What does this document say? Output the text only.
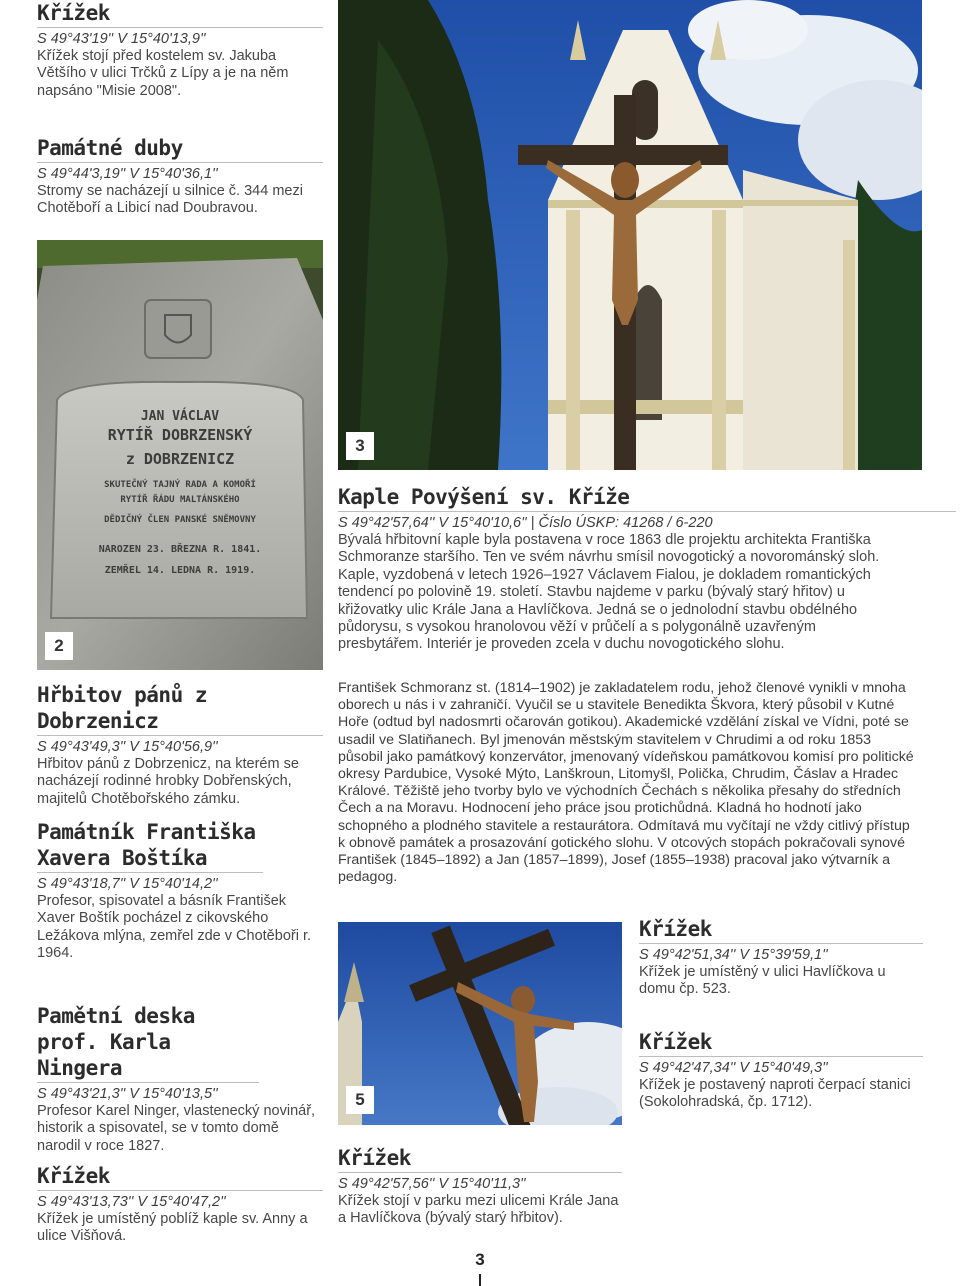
Křížek
S 49°43'19'' V 15°40'13,9''

Křížek stojí před kostelem sv. Jakuba Většího v ulici Trčků z Lípy a je na něm napsáno "Misie 2008".

Památné duby
S 49°44'3,19'' V 15°40'36,1''

Stromy se nacházejí u silnice č. 344 mezi Chotěboří a Libicí nad Doubravou.

JAN VÁCLAV
RYTÍŘ DOBRZENSKÝ
z DOBRZENICZ
SKUTEČNÝ TAJNÝ RADA A KOMOŘÍ
RYTÍŘ ŘÁDU MALTÁNSKÉHO
DĚDIČNÝ ČLEN PANSKÉ SNĚMOVNY
NAROZEN 23. BŘEZNA R. 1841.
ZEMŘEL 14. LEDNA R. 1919.
2
Hřbitov pánů z Dobrzenicz
S 49°43'49,3'' V 15°40'56,9''

Hřbitov pánů z Dobrzenicz, na kterém se nacházejí rodinné hrobky Dobřenských, majitelů Chotěbořského zámku.

Památník Františka Xavera Boštíka
S 49°43'18,7'' V 15°40'14,2''

Profesor, spisovatel a básník František Xaver Boštík pocházel z cikovského Ležákova mlýna, zemřel zde v Chotěboři r. 1964.

Pamětní deska prof. Karla Ningera
S 49°43'21,3'' V 15°40'13,5''

Profesor Karel Ninger, vlastenecký novinář, historik a spisovatel, se v tomto domě narodil v roce 1827.

Křížek
S 49°43'13,73'' V 15°40'47,2''

Křížek je umístěný poblíž kaple sv. Anny a ulice Višňová.

3
Kaple Povýšení sv. Kříže
S 49°42'57,64'' V 15°40'10,6'' | Číslo ÚSKP: 41268 / 6-220

Bývalá hřbitovní kaple byla postavena v roce 1863 dle projektu architekta Františka Schmoranze staršího. Ten ve svém návrhu smísil novogotický a novorománský sloh. Kaple, vyzdobená v letech 1926–1927 Václavem Fialou, je dokladem romantických tendencí po polovině 19. století. Stavbu najdeme v parku (bývalý starý hřitov) u křižovatky ulic Krále Jana a Havlíčkova. Jedná se o jednolodní stavbu obdélného půdorysu, s vysokou hranolovou věží v průčelí a s polygonálně uzavřeným presbytářem. Interiér je proveden zcela v duchu novogotického slohu.

František Schmoranz st. (1814–1902) je zakladatelem rodu, jehož členové vynikli v mnoha oborech u nás i v zahraničí. Vyučil se u stavitele Benedikta Škvora, který působil v Kutné Hoře (odtud byl nadosmrti očarován gotikou). Akademické vzdělání získal ve Vídni, poté se usadil ve Slatiňanech. Byl jmenován městským stavitelem v Chrudimi a od roku 1853 působil jako památkový konzervátor, jmenovaný vídeňskou památkovou komisí pro politické okresy Pardubice, Vysoké Mýto, Lanškroun, Litomyšl, Polička, Chrudim, Čáslav a Hradec Králové. Těžiště jeho tvorby bylo ve východních Čechách s několika přesahy do středních Čech a na Moravu. Hodnocení jeho práce jsou protichůdná. Kladná ho hodnotí jako schopného a plodného stavitele a restaurátora. Odmítavá mu vyčítají ne vždy citlivý přístup k obnově památek a prosazování gotického slohu. V otcových stopách pokračovali synové František (1845–1892) a Jan (1857–1899), Josef (1855–1938) pracoval jako výtvarník a pedagog.

5
Křížek
S 49°42'51,34'' V 15°39'59,1''

Křížek je umístěný v ulici Havlíčkova u domu čp. 523.

Křížek
S 49°42'47,34'' V 15°40'49,3''

Křížek je postavený naproti čerpací stanici (Sokolohradská, čp. 1712).

Křížek
S 49°42'57,56'' V 15°40'11,3''

Křížek stojí v parku mezi ulicemi Krále Jana a Havlíčkova (bývalý starý hřbitov).

3
